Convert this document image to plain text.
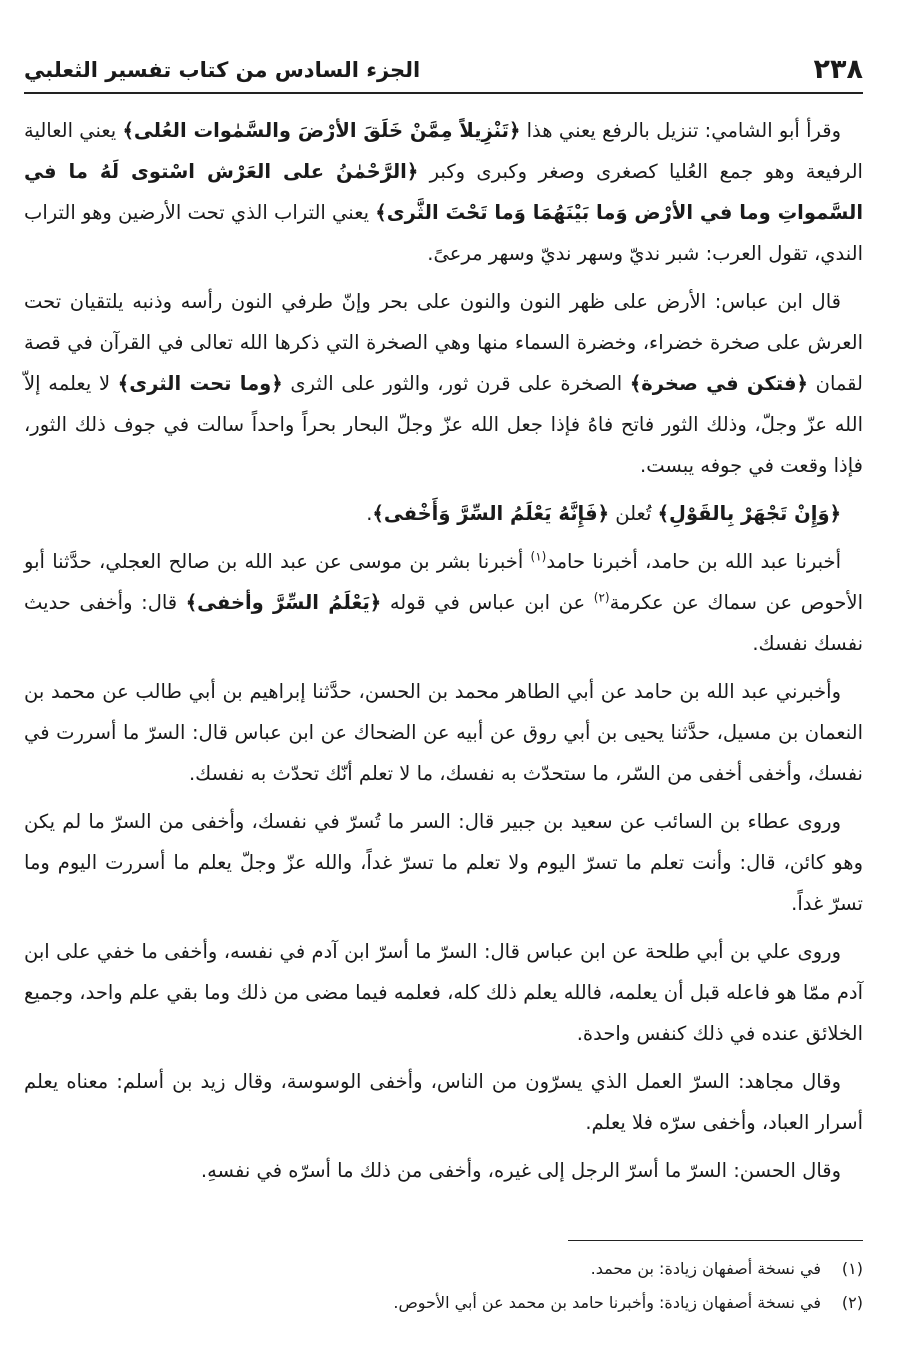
٢٣٨
الجزء السادس من كتاب تفسير الثعلبي

وقرأ أبو الشامي: تنزيل بالرفع يعني هذا ﴿تَنْزِيلاً مِمَّنْ خَلَقَ الأرْضَ والسَّمٰوات العُلى﴾ يعني العالية الرفيعة وهو جمع العُليا كصغرى وصغر وكبرى وكبر ﴿الرَّحْمٰنُ على العَرْش اسْتوى لَهُ ما في السَّمواتِ وما في الأرْض وَما بَيْنَهُمَا وَما تَحْتَ الثَّرى﴾ يعني التراب الذي تحت الأرضين وهو التراب الندي، تقول العرب: شبر نديّ وسهر نديّ وسهر مرعىً.

قال ابن عباس: الأرض على ظهر النون والنون على بحر وإنّ طرفي النون رأسه وذنبه يلتقيان تحت العرش على صخرة خضراء، وخضرة السماء منها وهي الصخرة التي ذكرها الله تعالى في القرآن في قصة لقمان ﴿فتكن في صخرة﴾ الصخرة على قرن ثور، والثور على الثرى ﴿وما تحت الثرى﴾ لا يعلمه إلاّ الله عزّ وجلّ، وذلك الثور فاتح فاهُ فإذا جعل الله عزّ وجلّ البحار بحراً واحداً سالت في جوف ذلك الثور، فإذا وقعت في جوفه يبست.

﴿وَإِنْ تَجْهَرْ بِالقَوْلِ﴾ تُعلن ﴿فَإِنَّهُ يَعْلَمُ السِّرَّ وَأَخْفى﴾.

أخبرنا عبد الله بن حامد، أخبرنا حامد$^{(١)}$ أخبرنا بشر بن موسى عن عبد الله بن صالح العجلي، حدَّثنا أبو الأحوص عن سماك عن عكرمة$^{(٢)}$ عن ابن عباس في قوله ﴿يَعْلَمُ السِّرَّ وأخفى﴾ قال: وأخفى حديث نفسك نفسك.

وأخبرني عبد الله بن حامد عن أبي الطاهر محمد بن الحسن، حدَّثنا إبراهيم بن أبي طالب عن محمد بن النعمان بن مسيل، حدَّثنا يحيى بن أبي روق عن أبيه عن الضحاك عن ابن عباس قال: السرّ ما أسررت في نفسك، وأخفى أخفى من السّر، ما ستحدّث به نفسك، ما لا تعلم أنّك تحدّث به نفسك.

وروى عطاء بن السائب عن سعيد بن جبير قال: السر ما تُسرّ في نفسك، وأخفى من السرّ ما لم يكن وهو كائن، قال: وأنت تعلم ما تسرّ اليوم ولا تعلم ما تسرّ غداً، والله عزّ وجلّ يعلم ما أسررت اليوم وما تسرّ غداً.

وروى علي بن أبي طلحة عن ابن عباس قال: السرّ ما أسرّ ابن آدم في نفسه، وأخفى ما خفي على ابن آدم ممّا هو فاعله قبل أن يعلمه، فالله يعلم ذلك كله، فعلمه فيما مضى من ذلك وما بقي علم واحد، وجميع الخلائق عنده في ذلك كنفس واحدة.

وقال مجاهد: السرّ العمل الذي يسرّون من الناس، وأخفى الوسوسة، وقال زيد بن أسلم: معناه يعلم أسرار العباد، وأخفى سرّه فلا يعلم.

وقال الحسن: السرّ ما أسرّ الرجل إلى غيره، وأخفى من ذلك ما أسرّه في نفسهِ.

(١)
في نسخة أصفهان زيادة: بن محمد.
(٢)
في نسخة أصفهان زيادة: وأخبرنا حامد بن محمد عن أبي الأحوص.
